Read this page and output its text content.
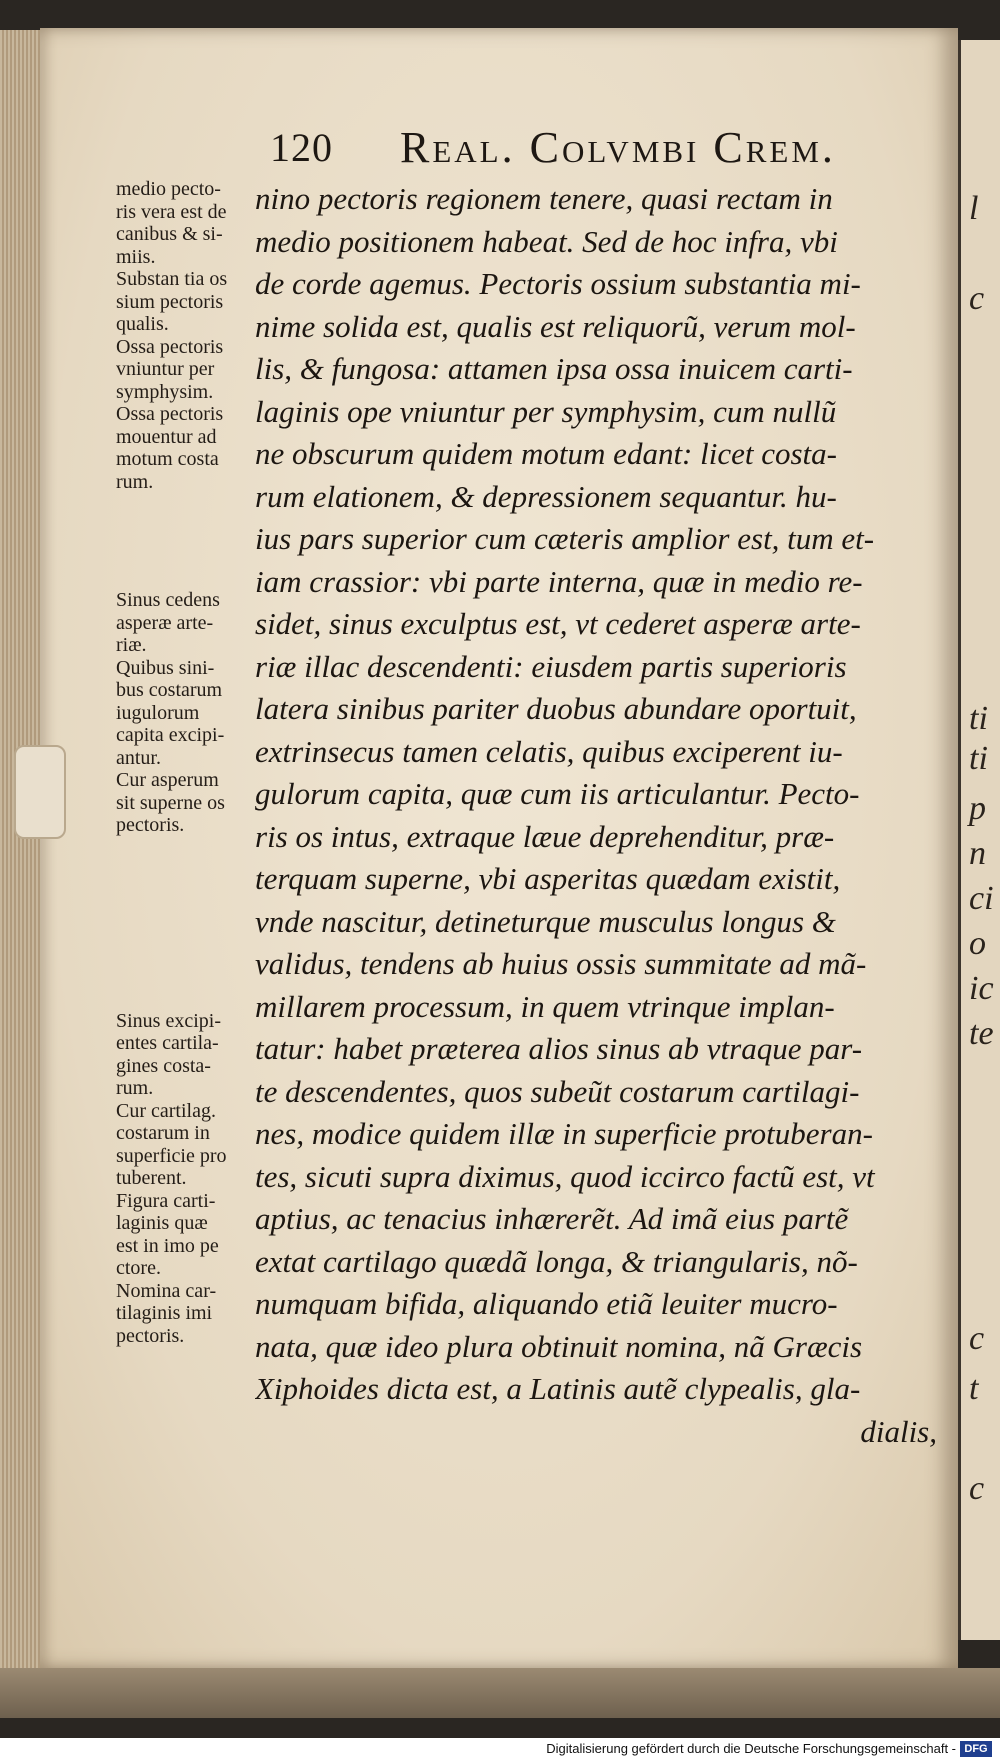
l
c
ti
ti
p
n
ci
o
ic
te
c
t
c
120 Real. Colvmbi Crem.
medio pecto-
ris vera est de
canibus & si-
miis.
Substan tia os
sium pectoris
qualis.
Ossa pectoris
vniuntur per
symphysim.
Ossa pectoris
mouentur ad
motum costa
rum.
Sinus cedens
asperæ arte-
riæ.
Quibus sini-
bus costarum
iugulorum
capita excipi-
antur.
Cur asperum
sit superne os
pectoris.
Sinus excipi-
entes cartila-
gines costa-
rum.
Cur cartilag.
costarum in
superficie pro
tuberent.
Figura carti-
laginis quæ
est in imo pe
ctore.
Nomina car-
tilaginis imi
pectoris.
nino pectoris regionem tenere, quasi rectam in
medio positionem habeat. Sed de hoc infra, vbi
de corde agemus. Pectoris ossium substantia mi-
nime solida est, qualis est reliquorũ, verum mol-
lis, & fungosa: attamen ipsa ossa inuicem carti-
laginis ope vniuntur per symphysim, cum nullũ
ne obscurum quidem motum edant: licet costa-
rum elationem, & depressionem sequantur. hu-
ius pars superior cum cæteris amplior est, tum et-
iam crassior: vbi parte interna, quæ in medio re-
sidet, sinus exculptus est, vt cederet asperæ arte-
riæ illac descendenti: eiusdem partis superioris
latera sinibus pariter duobus abundare oportuit,
extrinsecus tamen celatis, quibus exciperent iu-
gulorum capita, quæ cum iis articulantur. Pecto-
ris os intus, extraque læue deprehenditur, præ-
terquam superne, vbi asperitas quædam existit,
vnde nascitur, detineturque musculus longus &
validus, tendens ab huius ossis summitate ad mã-
millarem processum, in quem vtrinque implan-
tatur: habet præterea alios sinus ab vtraque par-
te descendentes, quos subeũt costarum cartilagi-
nes, modice quidem illæ in superficie protuberan-
tes, sicuti supra diximus, quod iccirco factũ est, vt
aptius, ac tenacius inhærerẽt. Ad imã eius partẽ
extat cartilago quædã longa, & triangularis, nõ-
numquam bifida, aliquando etiã leuiter mucro-
nata, quæ ideo plura obtinuit nomina, nã Græcis
Xiphoides dicta est, a Latinis autẽ clypealis, gla-
dialis,
Digitalisierung gefördert durch die Deutsche Forschungsgemeinschaft - DFG
